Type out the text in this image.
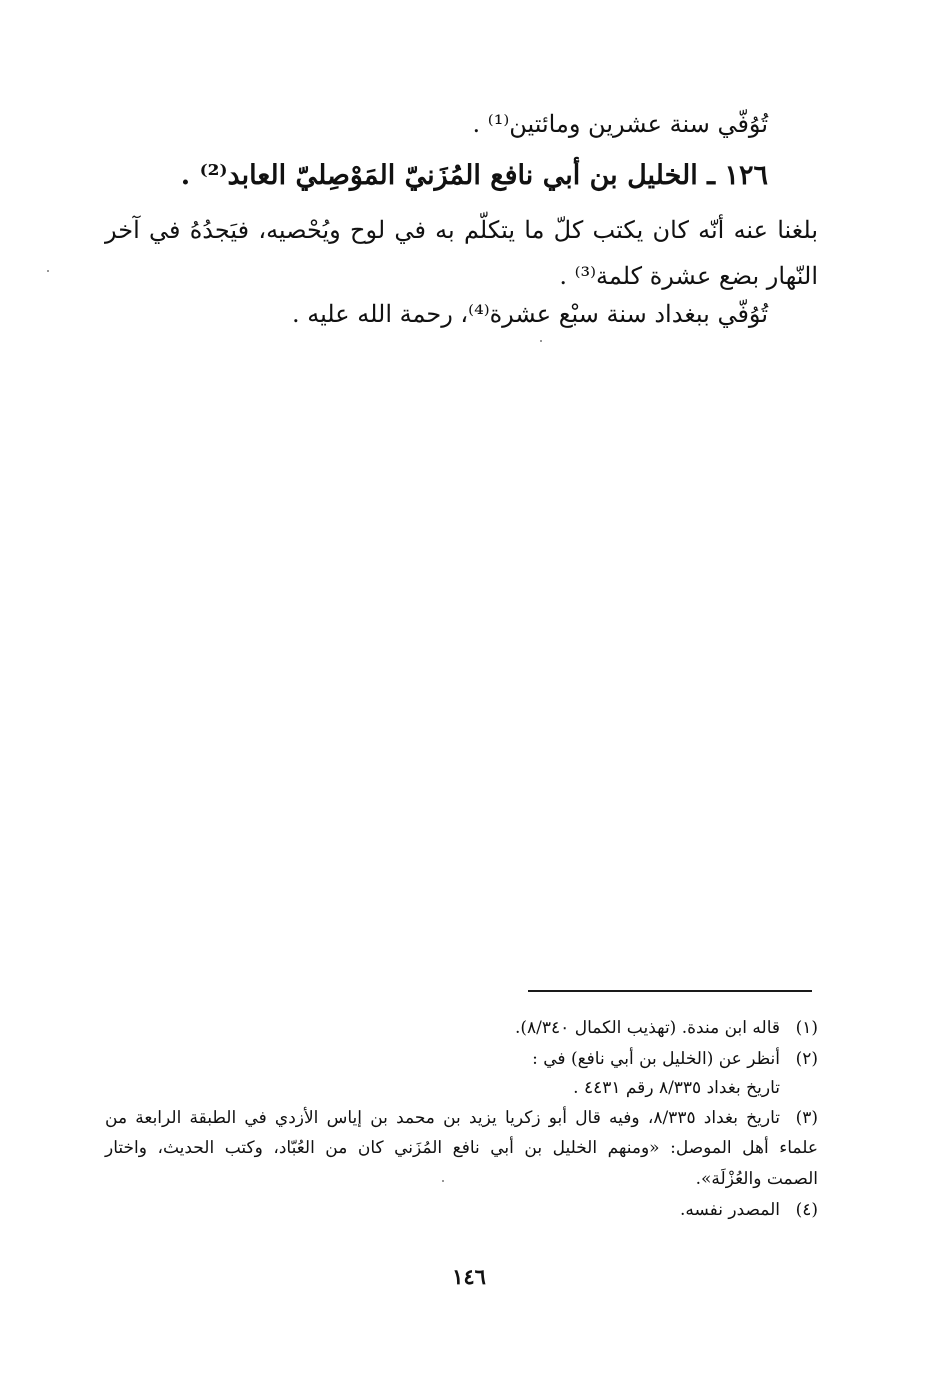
تُوُفّي سنة عشرين ومائتين⁽¹⁾ .
١٢٦ ـ الخليل بن أبي نافع المُزَنيّ المَوْصِليّ العابد⁽²⁾ .
بلغنا عنه أنّه كان يكتب كلّ ما يتكلّم به في لوح ويُحْصيه، فيَجدُهُ في آخر
النّهار بضع عشرة كلمة⁽³⁾ .
تُوُفّي ببغداد سنة سبْع عشرة⁽⁴⁾، رحمة الله عليه .
(١)
قاله ابن مندة. (تهذيب الكمال ٨/٣٤٠).
(٢)
أنظر عن (الخليل بن أبي نافع) في :
تاريخ بغداد ٨/٣٣٥ رقم ٤٤٣١ .
(٣)
تاريخ بغداد ٨/٣٣٥، وفيه قال أبو زكريا يزيد بن محمد بن إياس الأزدي في الطبقة الرابعة من
علماء أهل الموصل: «ومنهم الخليل بن أبي نافع المُزَني كان من العُبّاد، وكتب الحديث، واختار
الصمت والعُزْلَة».
(٤)
المصدر نفسه.
١٤٦
